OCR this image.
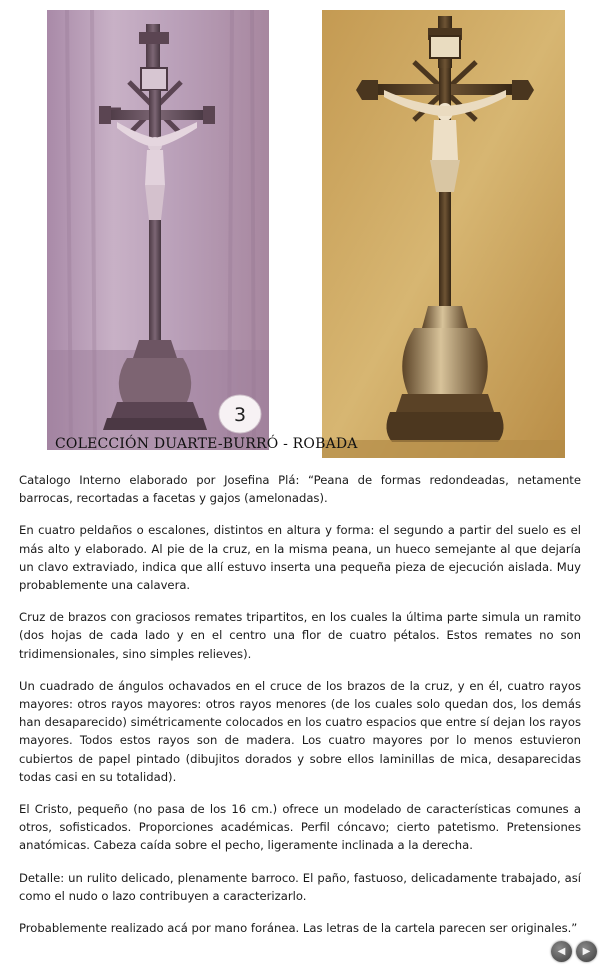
3
COLECCIÓN DUARTE-BURRÓ - ROBADA

Catalogo Interno elaborado por Josefina Plá: “Peana de formas redondeadas, netamente barrocas, recortadas a facetas y gajos (amelonadas).

En cuatro peldaños o escalones, distintos en altura y forma: el segundo a partir del suelo es el más alto y elaborado. Al pie de la cruz, en la misma peana, un hueco semejante al que dejaría un clavo extraviado, indica que allí estuvo inserta una pequeña pieza de ejecución aislada. Muy probablemente una calavera.

Cruz de brazos con graciosos remates tripartitos, en los cuales la última parte simula un ramito (dos hojas de cada lado y en el centro una flor de cuatro pétalos. Estos remates no son tridimensionales, sino simples relieves).

Un cuadrado de ángulos ochavados en el cruce de los brazos de la cruz, y en él, cuatro rayos mayores: otros rayos mayores: otros rayos menores (de los cuales solo quedan dos, los demás han desaparecido) simétricamente colocados en los cuatro espacios que entre sí dejan los rayos mayores. Todos estos rayos son de madera. Los cuatro mayores por lo menos estuvieron cubiertos de papel pintado (dibujitos dorados y sobre ellos laminillas de mica, desaparecidas todas casi en su totalidad).

El Cristo, pequeño (no pasa de los 16 cm.) ofrece un modelado de características comunes a otros, sofisticados. Proporciones académicas. Perfil cóncavo; cierto patetismo. Pretensiones anatómicas. Cabeza caída sobre el pecho, ligeramente inclinada a la derecha.

Detalle: un rulito delicado, plenamente barroco. El paño, fastuoso, delicadamente trabajado, así como el nudo o lazo contribuyen a caracterizarlo.

Probablemente realizado acá por mano foránea. Las letras de la cartela parecen ser originales.”

◀ ▶
